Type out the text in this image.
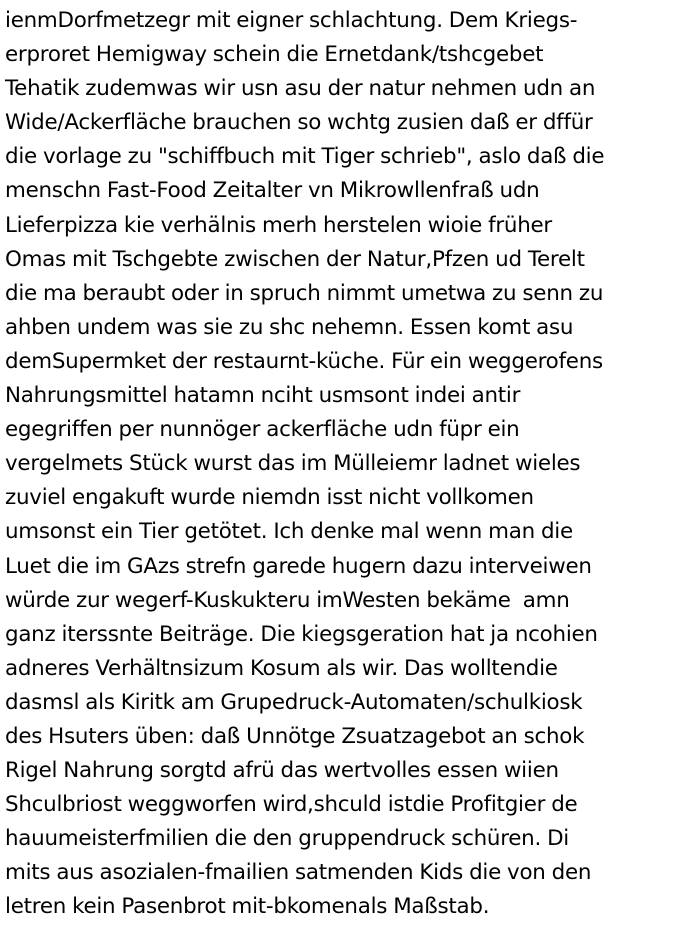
ienmDorfmetzegr mit eigner schlachtung. Dem Kriegs-
erproret Hemigway schein die Ernetdank/tshcgebet
Tehatik zudemwas wir usn asu der natur nehmen udn an
Wide/Ackerfläche brauchen so wchtg zusien daß er dffür
die vorlage zu "schiffbuch mit Tiger schrieb", aslo daß die
menschn Fast-Food Zeitalter vn Mikrowllenfraß udn
Lieferpizza kie verhälnis merh herstelen wioie früher
Omas mit Tschgebte zwischen der Natur,Pfzen ud Terelt
die ma beraubt oder in spruch nimmt umetwa zu senn zu
ahben undem was sie zu shc nehemn. Essen komt asu
demSupermket der restaurnt-küche. Für ein weggerofens
Nahrungsmittel hatamn nciht usmsont indei antir
egegriffen per nunnöger ackerfläche udn füpr ein
vergelmets Stück wurst das im Mülleiemr ladnet wieles
zuviel engakuft wurde niemdn isst nicht vollkomen
umsonst ein Tier getötet. Ich denke mal wenn man die
Luet die im GAzs strefn garede hugern dazu interveiwen
würde zur wegerf-Kuskukteru imWesten bekäme  amn
ganz iterssnte Beiträge. Die kiegsgeration hat ja ncohien
adneres Verhältnsizum Kosum als wir. Das wolltendie
dasmsl als Kiritk am Grupedruck-Automaten/schulkiosk
des Hsuters üben: daß Unnötge Zsuatzagebot an schok
Rigel Nahrung sorgtd afrü das wertvolles essen wiien
Shculbriost weggworfen wird,shculd istdie Profitgier de
hauumeisterfmilien die den gruppendruck schüren. Di
mits aus asozialen-fmailien satmenden Kids die von den
letren kein Pasenbrot mit-bkomenals Maßstab.
